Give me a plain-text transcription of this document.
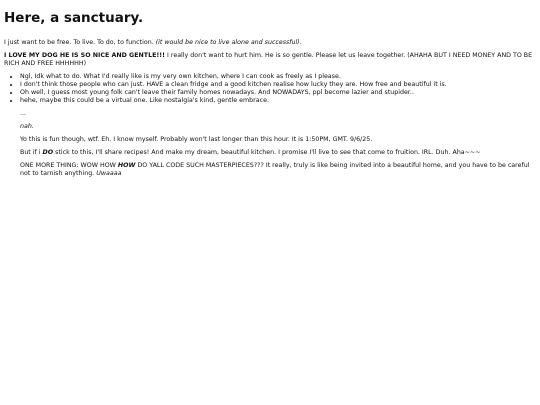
Here, a sanctuary.

I just want to be free. To live. To do, to function. (it would be nice to live alone and successful).

I LOVE MY DOG HE IS SO NICE AND GENTLE!!! I really don't want to hurt him. He is so gentle. Please let us leave together. (AHAHA BUT I NEED MONEY AND TO BE RICH AND FREE HHHHHH)

• Ngl, Idk what to do. What I'd really like is my very own kitchen, where I can cook as freely as I please.
• I don't think those people who can just. HAVE a clean fridge and a good kitchen realise how lucky they are. How free and beautiful it is.
• Oh well, I guess most young folk can't leave their family homes nowadays. And NOWADAYS, ppl become lazier and stupider..
• hehe, maybe this could be a virtual one. Like nostalgia's kind, gentle embrace.

...

nah.

Yo this is fun though, wtf. Eh. I know myself. Probably won't last longer than this hour. It is 1:50PM, GMT. 9/6/25.

But if i DO stick to this, I'll share recipes! And make my dream, beautiful kitchen. I promise I'll live to see that come to fruition. IRL. Duh. Aha~~~

ONE MORE THING: WOW HOW HOW DO YALL CODE SUCH MASTERPIECES??? It really, truly is like being invited into a beautiful home, and you have to be careful not to tarnish anything. Uwaaaa
